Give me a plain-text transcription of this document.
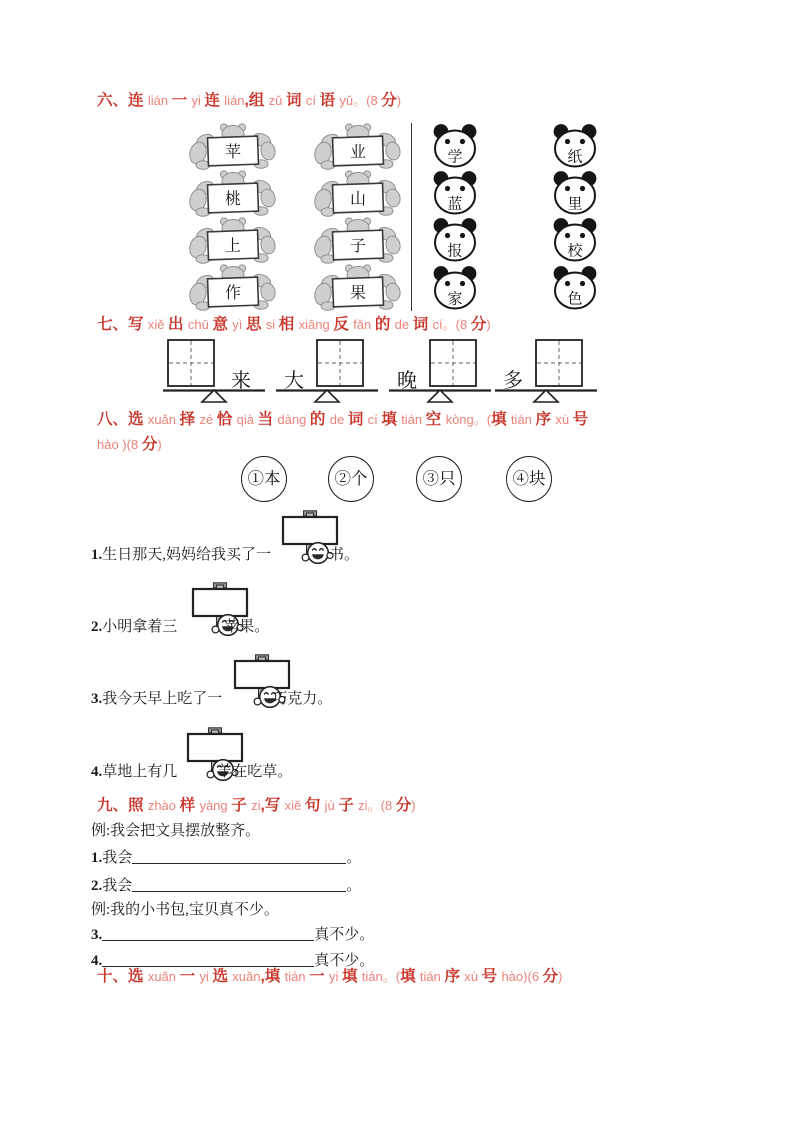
六、连 lián 一 yi 连 lián,组 zǔ 词 cí 语 yǔ。(8 分)
苹	业
桃	山
上	子
作	果
学	纸
蓝	里
报	校
家	色
七、写 xiě 出 chū 意 yì 思 si 相 xiāng 反 fǎn 的 de 词 cí。(8 分)
来 大	晚	多
八、选 xuǎn 择 zé 恰 qià 当 dàng 的 de 词 cí 填 tián 空 kòng。(填 tián 序 xù 号
hào )(8 分)
①本	②个	③只	④块
1.生日那天,妈妈给我买了一	书。
2.小明拿着三	苹果。
3.我今天早上吃了一	巧克力。
4.草地上有几	羊在吃草。
九、照 zhào 样 yàng 子 zi,写 xiě 句 jù 子 zi。(8 分)
例:我会把文具摆放整齐。
1.我会	。
2.我会	。
例:我的小书包,宝贝真不少。
3.	真不少。
4.	真不少。
十、选 xuǎn 一 yi 选 xuǎn,填 tián 一 yi 填 tián。(填 tián 序 xù 号 hào)(6 分)
